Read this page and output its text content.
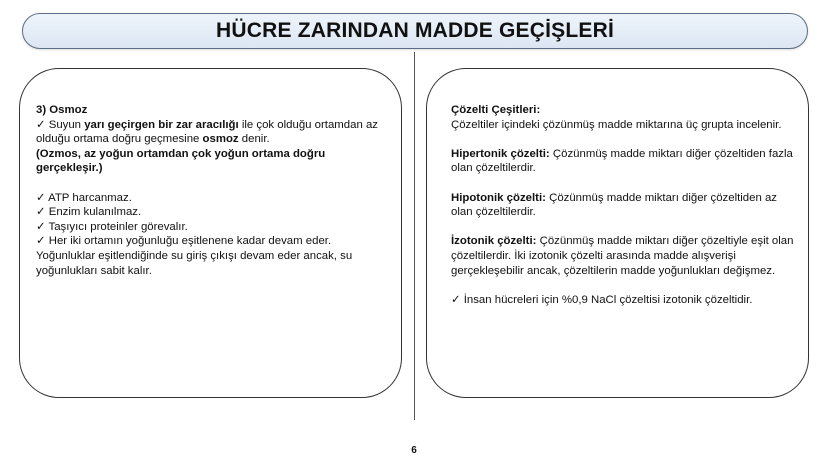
HÜCRE ZARINDAN MADDE GEÇİŞLERİ

3) Osmoz

✓ Suyun yarı geçirgen bir zar aracılığı ile çok olduğu ortamdan az olduğu ortama doğru geçmesine osmoz denir.

(Ozmos, az yoğun ortamdan çok yoğun ortama doğru gerçekleşir.)

✓ ATP harcanmaz.

✓ Enzim kulanılmaz.

✓ Taşıyıcı proteinler görevalır.

✓ Her iki ortamın yoğunluğu eşitlenene kadar devam eder.

Yoğunluklar eşitlendiğinde su giriş çıkışı devam eder ancak, su yoğunlukları sabit kalır.

Çözelti Çeşitleri:

Çözeltiler içindeki çözünmüş madde miktarına üç grupta incelenir.

Hipertonik çözelti: Çözünmüş madde miktarı diğer çözeltiden fazla olan çözeltilerdir.

Hipotonik çözelti: Çözünmüş madde miktarı diğer çözeltiden az olan çözeltilerdir.

İzotonik çözelti: Çözünmüş madde miktarı diğer çözeltiyle eşit olan çözeltilerdir. İki izotonik çözelti arasında madde alışverişi gerçekleşebilir ancak, çözeltilerin madde yoğunlukları değişmez.

✓ İnsan hücreleri için %0,9 NaCl çözeltisi izotonik çözeltidir.

6
